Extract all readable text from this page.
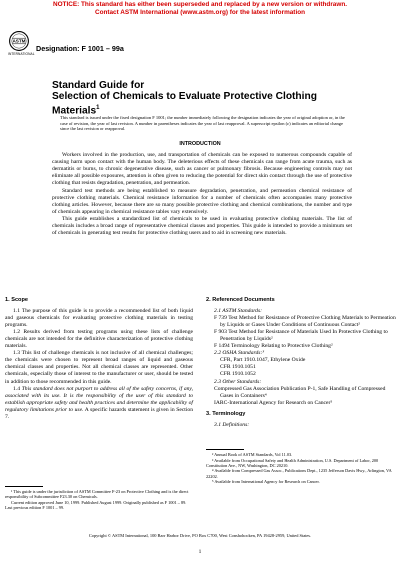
NOTICE: This standard has either been superseded and replaced by a new version or withdrawn.
Contact ASTM International (www.astm.org) for the latest information
ASTM
INTERNATIONAL
Designation: F 1001 – 99a
Standard Guide for
Selection of Chemicals to Evaluate Protective Clothing
Materials$^1$
This standard is issued under the fixed designation F 1001; the number immediately following the designation indicates the year of original adoption or, in the case of revision, the year of last revision. A number in parentheses indicates the year of last reapproval. A superscript epsilon (ε) indicates an editorial change since the last revision or reapproval.
INTRODUCTION

Workers involved in the production, use, and transportation of chemicals can be exposed to numerous compounds capable of causing harm upon contact with the human body. The deleterious effects of these chemicals can range from acute trauma, such as dermatitis or burns, to chronic degenerative disease, such as cancer or pulmonary fibrosis. Because engineering controls may not eliminate all possible exposures, attention is often given to reducing the potential for direct skin contact through the use of protective clothing that resists degradation, penetration, and permeation.

Standard test methods are being established to measure degradation, penetration, and permeation chemical resistance of protective clothing materials. Chemical resistance information for a number of chemicals often accompanies many protective clothing articles. However, because there are so many possible protective clothing and chemical combinations, the number and type of chemicals appearing in chemical resistance tables vary extensively.

This guide establishes a standardized list of chemicals to be used in evaluating protective clothing materials. The list of chemicals includes a broad range of representative chemical classes and properties. This guide is intended to provide a minimum set of chemicals in generating test results for protective clothing users and to aid in screening new materials.

1. Scope

1.1 The purpose of this guide is to provide a recommended list of both liquid and gaseous chemicals for evaluating protective clothing materials in testing programs.

1.2 Results derived from testing programs using these lists of challenge chemicals are not intended for the definitive characterization of protective clothing materials.

1.3 This list of challenge chemicals is not inclusive of all chemical challenges; the chemicals were chosen to represent broad ranges of liquid and gaseous chemical classes and properties. Not all chemical classes are represented. Other chemicals, especially those of interest to the manufacturer or user, should be tested in addition to those recommended in this guide.

1.4 This standard does not purport to address all of the safety concerns, if any, associated with its use. It is the responsibility of the user of this standard to establish appropriate safety and health practices and determine the applicability of regulatory limitations prior to use. A specific hazards statement is given in Section 7.

2. Referenced Documents

2.1 ASTM Standards:

F 739 Test Method for Resistance of Protective Clothing Materials to Permeation by Liquids or Gases Under Conditions of Continuous Contact²

F 903 Test Method for Resistance of Materials Used In Protective Clothing to Penetration by Liquids²

F 1494 Terminology Relating to Protective Clothing²

2.2 OSHA Standards:³

CFR, Part 1910.1047, Ethylene Oxide

CFR 1910.1051

CFR 1910.1052

2.3 Other Standards:

Compressed Gas Association Publication P-1, Safe Handling of Compressed Gases in Containers⁴

IARC-International Agency for Research on Cancer⁵

3. Terminology

3.1 Definitions:

¹ This guide is under the jurisdiction of ASTM Committee F-23 on Protective Clothing and is the direct responsibility of Subcommittee F23.30 on Chemicals.

Current edition approved June 10, 1999. Published August 1999. Originally published as F 1001 – 89. Last previous edition F 1001 – 99.

² Annual Book of ASTM Standards, Vol 11.03.

³ Available from Occupational Safety and Health Administration, U.S. Department of Labor, 200 Constitution Ave., NW, Washington, DC 20210.

⁴ Available from Compressed Gas Assoc., Publications Dept., 1235 Jefferson Davis Hwy., Arlington, VA 22202.

⁵ Available from International Agency for Research on Cancer.

Copyright © ASTM International, 100 Barr Harbor Drive, PO Box C700, West Conshohocken, PA 19428-2959, United States.
1
